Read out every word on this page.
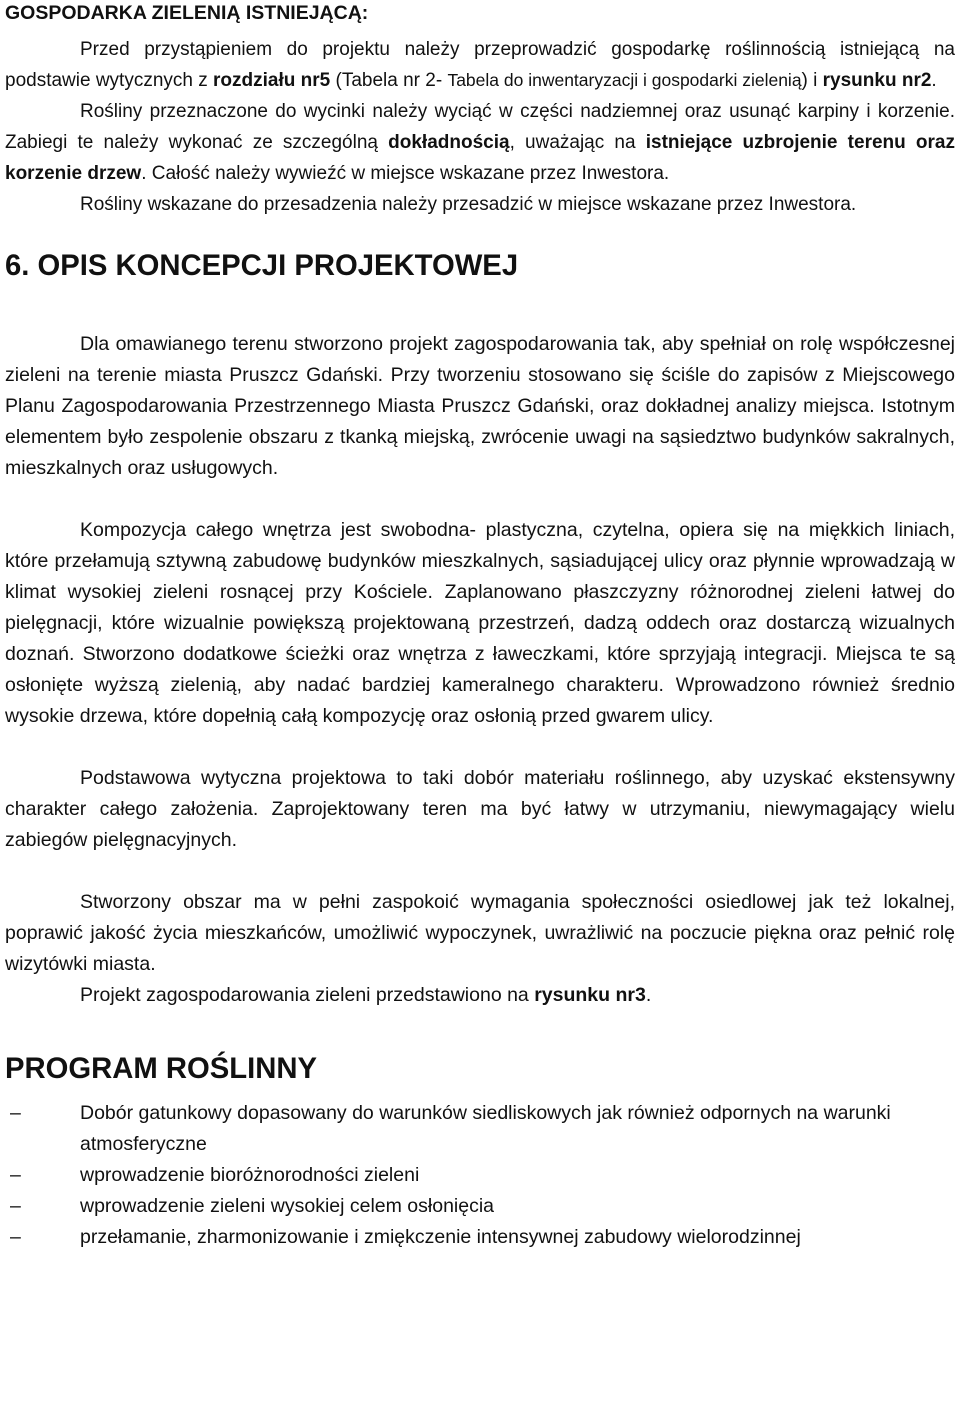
GOSPODARKA ZIELENIĄ ISTNIEJĄCĄ:

Przed przystąpieniem do projektu należy przeprowadzić gospodarkę roślinnością istniejącą na podstawie wytycznych z rozdziału nr5 (Tabela nr 2- Tabela do inwentaryzacji i gospodarki zielenią) i rysunku nr2.

Rośliny przeznaczone do wycinki należy wyciąć w części nadziemnej oraz usunąć karpiny i korzenie. Zabiegi te należy wykonać ze szczególną dokładnością, uważając na istniejące uzbrojenie terenu oraz korzenie drzew. Całość należy wywieźć w miejsce wskazane przez Inwestora.

Rośliny wskazane do przesadzenia należy przesadzić w miejsce wskazane przez Inwestora.

6. OPIS KONCEPCJI PROJEKTOWEJ

Dla omawianego terenu stworzono projekt zagospodarowania tak, aby spełniał on rolę współczesnej zieleni na terenie miasta Pruszcz Gdański. Przy tworzeniu stosowano się ściśle do zapisów z Miejscowego Planu Zagospodarowania Przestrzennego Miasta Pruszcz Gdański, oraz dokładnej analizy miejsca. Istotnym elementem było zespolenie obszaru z tkanką miejską, zwrócenie uwagi na sąsiedztwo budynków sakralnych, mieszkalnych oraz usługowych.

Kompozycja całego wnętrza jest swobodna- plastyczna, czytelna, opiera się na miękkich liniach, które przełamują sztywną zabudowę budynków mieszkalnych, sąsiadującej ulicy oraz płynnie wprowadzają w klimat wysokiej zieleni rosnącej przy Kościele. Zaplanowano płaszczyzny różnorodnej zieleni łatwej do pielęgnacji, które wizualnie powiększą projektowaną przestrzeń, dadzą oddech oraz dostarczą wizualnych doznań. Stworzono dodatkowe ścieżki oraz wnętrza z ławeczkami, które sprzyjają integracji. Miejsca te są osłonięte wyższą zielenią, aby nadać bardziej kameralnego charakteru. Wprowadzono również średnio wysokie drzewa, które dopełnią całą kompozycję oraz osłonią przed gwarem ulicy.

Podstawowa wytyczna projektowa to taki dobór materiału roślinnego, aby uzyskać ekstensywny charakter całego założenia. Zaprojektowany teren ma być łatwy w utrzymaniu, niewymagający wielu zabiegów pielęgnacyjnych.

Stworzony obszar ma w pełni zaspokoić wymagania społeczności osiedlowej jak też lokalnej, poprawić jakość życia mieszkańców, umożliwić wypoczynek, uwrażliwić na poczucie piękna oraz pełnić rolę wizytówki miasta.

Projekt zagospodarowania zieleni przedstawiono na rysunku nr3.

PROGRAM ROŚLINNY
–	Dobór gatunkowy dopasowany do warunków siedliskowych jak również odpornych na warunki atmosferyczne
–	wprowadzenie bioróżnorodności zieleni
–	wprowadzenie zieleni wysokiej celem osłonięcia
–	przełamanie, zharmonizowanie i zmiękczenie intensywnej zabudowy wielorodzinnej
